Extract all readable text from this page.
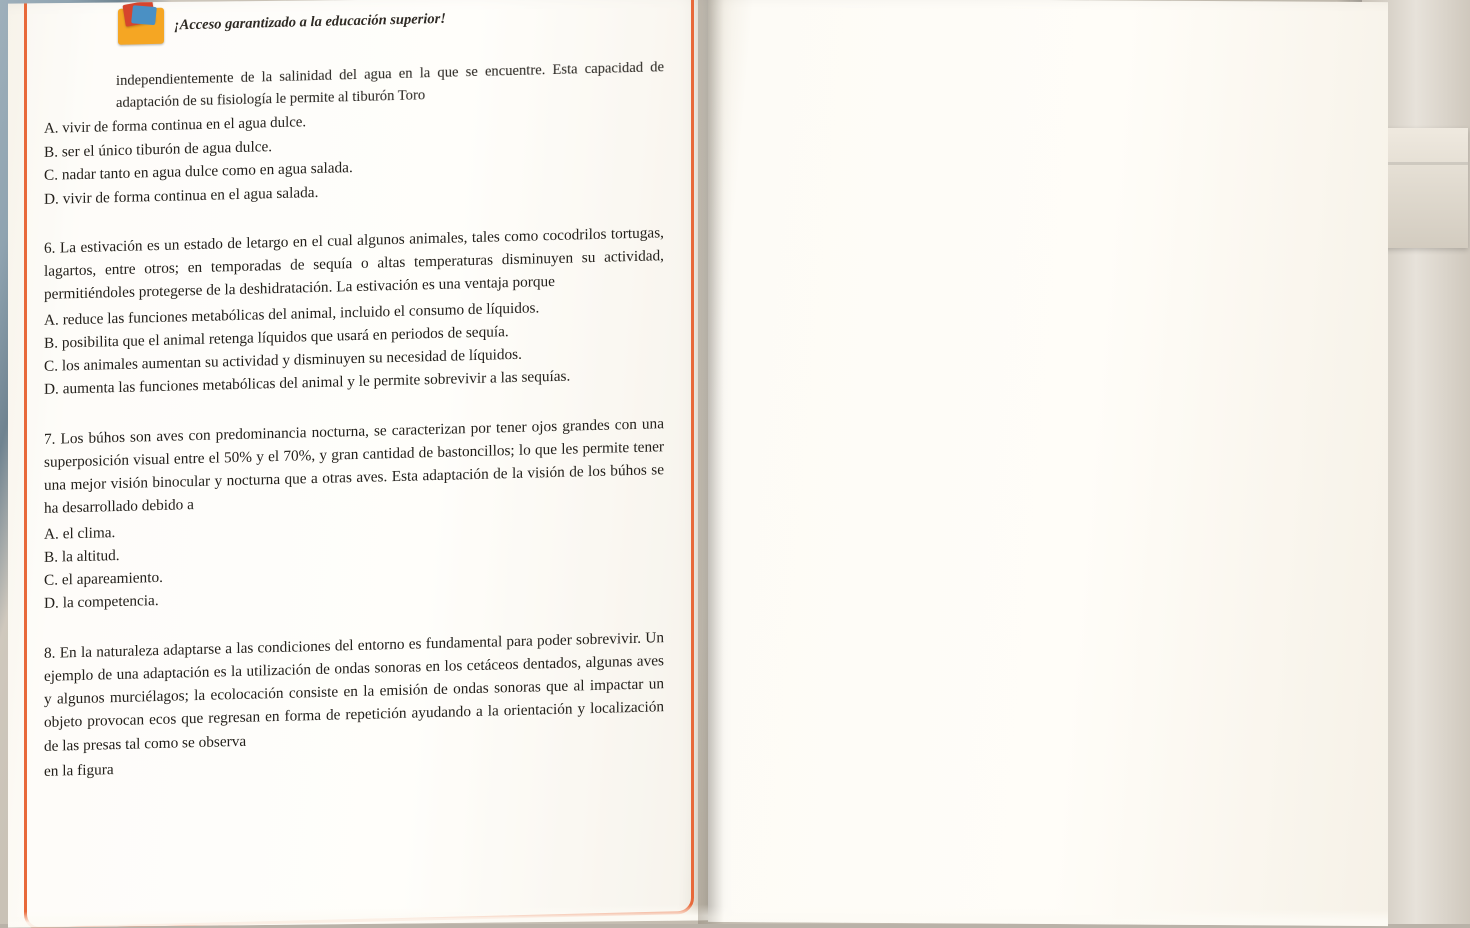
¡Acceso garantizado a la educación superior!

independientemente de la salinidad del agua en la que se encuentre. Esta capacidad de adaptación de su fisiología le permite al tiburón Toro

A. vivir de forma continua en el agua dulce.

B. ser el único tiburón de agua dulce.

C. nadar tanto en agua dulce como en agua salada.

D. vivir de forma continua en el agua salada.

6. La estivación es un estado de letargo en el cual algunos animales, tales como cocodrilos tortugas, lagartos, entre otros; en temporadas de sequía o altas temperaturas disminuyen su actividad, permitiéndoles protegerse de la deshidratación. La estivación es una ventaja porque

A. reduce las funciones metabólicas del animal, incluido el consumo de líquidos.

B. posibilita que el animal retenga líquidos que usará en periodos de sequía.

C. los animales aumentan su actividad y disminuyen su necesidad de líquidos.

D. aumenta las funciones metabólicas del animal y le permite sobrevivir a las sequías.

7. Los búhos son aves con predominancia nocturna, se caracterizan por tener ojos grandes con una superposición visual entre el 50% y el 70%, y gran cantidad de bastoncillos; lo que les permite tener una mejor visión binocular y nocturna que a otras aves. Esta adaptación de la visión de los búhos se ha desarrollado debido a

A. el clima.

B. la altitud.

C. el apareamiento.

D. la competencia.

8. En la naturaleza adaptarse a las condiciones del entorno es fundamental para poder sobrevivir. Un ejemplo de una adaptación es la utilización de ondas sonoras en los cetáceos dentados, algunas aves y algunos murciélagos; la ecolocación consiste en la emisión de ondas sonoras que al impactar un objeto provocan ecos que regresan en forma de repetición ayudando a la orientación y localización de las presas tal como se observa

en la figura
